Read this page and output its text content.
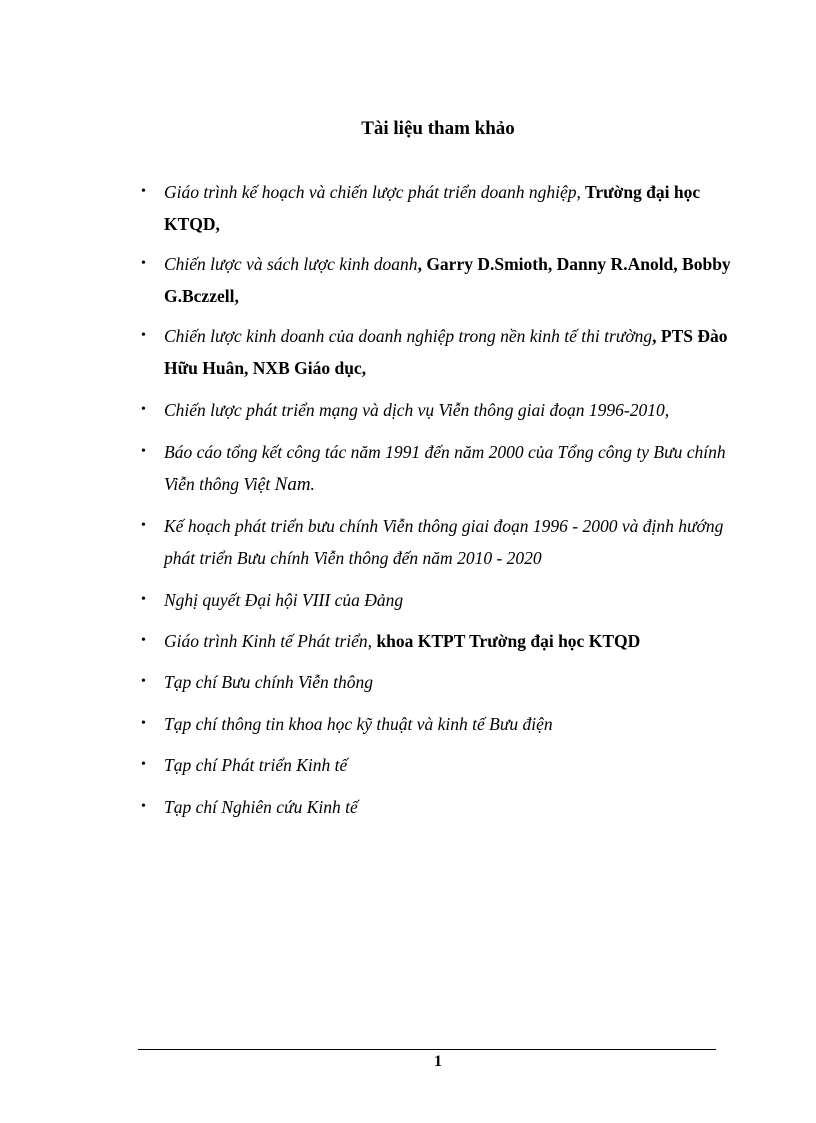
Tài liệu tham khảo
• Giáo trình kế hoạch và chiến lược phát triển doanh nghiệp, Trường đại học KTQD,
• Chiến lược và sách lược kinh doanh, Garry D.Smioth, Danny R.Anold, Bobby G.Bczzell,
• Chiến lược kinh doanh của doanh nghiệp trong nền kinh tế thi trường, PTS Đào Hữu Huân, NXB Giáo dục,
• Chiến lược phát triển mạng và dịch vụ Viễn thông giai đoạn 1996-2010,
• Báo cáo tổng kết công tác năm 1991 đến năm 2000 của Tổng công ty Bưu chính Viễn thông Việt Nam.
• Kế hoạch phát triển bưu chính Viễn thông giai đoạn 1996 - 2000 và định hướng phát triển Bưu chính Viễn thông đến năm 2010 - 2020
• Nghị quyết Đại hội VIII của Đảng
• Giáo trình Kinh tế Phát triển, khoa KTPT Trường đại học KTQD
• Tạp chí Bưu chính Viễn thông
• Tạp chí thông tin khoa học kỹ thuật và kinh tế Bưu điện
• Tạp chí Phát triển Kinh tế
• Tạp chí Nghiên cứu Kinh tế
1
